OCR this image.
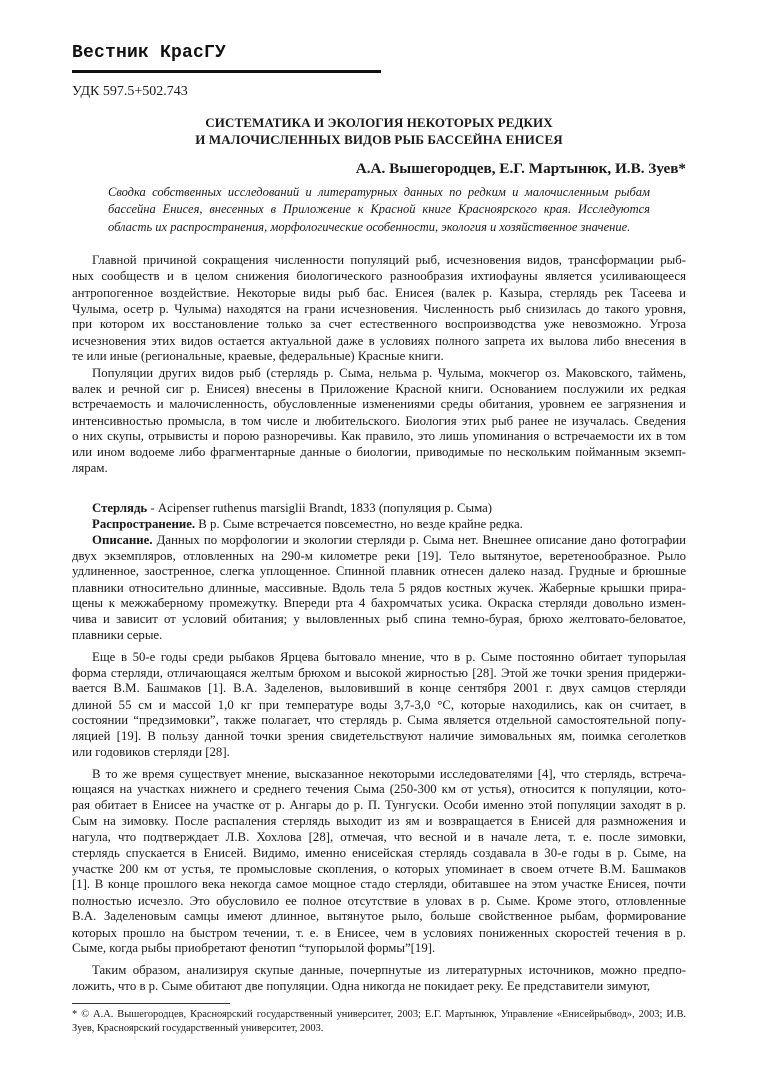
Вестник КрасГУ
УДК 597.5+502.743
СИСТЕМАТИКА И ЭКОЛОГИЯ НЕКОТОРЫХ РЕДКИХ
И МАЛОЧИСЛЕННЫХ ВИДОВ РЫБ БАССЕЙНА ЕНИСЕЯ
А.А. Вышегородцев, Е.Г. Мартынюк, И.В. Зуев*
Сводка собственных исследований и литературных данных по редким и малочисленным рыбам бассейна Енисея, внесенных в Приложение к Красной книге Красноярского края. Исследуются область их распространения, морфологические особенности, экология и хозяйственное значение.
Главной причиной сокращения численности популяций рыб, исчезновения видов, трансформации рыб-
ных сообществ и в целом снижения биологического разнообразия ихтиофауны является усиливающееся
антропогенное воздействие. Некоторые виды рыб бас. Енисея (валек р. Казыра, стерлядь рек Тасеева и
Чулыма, осетр р. Чулыма) находятся на грани исчезновения. Численность рыб снизилась до такого уровня,
при котором их восстановление только за счет естественного воспроизводства уже невозможно. Угроза
исчезновения этих видов остается актуальной даже в условиях полного запрета их вылова либо внесения в
те или иные (региональные, краевые, федеральные) Красные книги.
Популяции других видов рыб (стерлядь р. Сыма, нельма р. Чулыма, мокчегор оз. Маковского, таймень,
валек и речной сиг р. Енисея) внесены в Приложение Красной книги. Основанием послужили их редкая
встречаемость и малочисленность, обусловленные изменениями среды обитания, уровнем ее загрязнения и
интенсивностью промысла, в том числе и любительского. Биология этих рыб ранее не изучалась. Сведения
о них скупы, отрывисты и порою разноречивы. Как правило, это лишь упоминания о встречаемости их в том
или ином водоеме либо фрагментарные данные о биологии, приводимые по нескольким пойманным экземп-
лярам.
Стерлядь - Acipenser ruthenus marsiglii Brandt, 1833 (популяция р. Сыма)
Распространение. В р. Сыме встречается повсеместно, но везде крайне редка.
Описание. Данных по морфологии и экологии стерляди р. Сыма нет. Внешнее описание дано фотографии
двух экземпляров, отловленных на 290-м километре реки [19]. Тело вытянутое, веретенообразное. Рыло
удлиненное, заостренное, слегка уплощенное. Спинной плавник отнесен далеко назад. Грудные и брюшные
плавники относительно длинные, массивные. Вдоль тела 5 рядов костных жучек. Жаберные крышки прира-
щены к межжаберному промежутку. Впереди рта 4 бахромчатых усика. Окраска стерляди довольно измен-
чива и зависит от условий обитания; у выловленных рыб спина темно-бурая, брюхо желтовато-беловатое,
плавники серые.
Еще в 50-е годы среди рыбаков Ярцева бытовало мнение, что в р. Сыме постоянно обитает тупорылая
форма стерляди, отличающаяся желтым брюхом и высокой жирностью [28]. Этой же точки зрения придержи-
вается В.М. Башмаков [1]. В.А. Заделенов, выловивший в конце сентября 2001 г. двух самцов стерляди
длиной 55 см и массой 1,0 кг при температуре воды 3,7-3,0 °С, которые находились, как он считает, в
состоянии “предзимовки”, также полагает, что стерлядь р. Сыма является отдельной самостоятельной попу-
ляцией [19]. В пользу данной точки зрения свидетельствуют наличие зимовальных ям, поимка сеголетков
или годовиков стерляди [28].
В то же время существует мнение, высказанное некоторыми исследователями [4], что стерлядь, встреча-
ющаяся на участках нижнего и среднего течения Сыма (250-300 км от устья), относится к популяции, кото-
рая обитает в Енисее на участке от р. Ангары до р. П. Тунгуски. Особи именно этой популяции заходят в р.
Сым на зимовку. После распаления стерлядь выходит из ям и возвращается в Енисей для размножения и
нагула, что подтверждает Л.В. Хохлова [28], отмечая, что весной и в начале лета, т. е. после зимовки,
стерлядь спускается в Енисей. Видимо, именно енисейская стерлядь создавала в 30-е годы в р. Сыме, на
участке 200 км от устья, те промысловые скопления, о которых упоминает в своем отчете В.М. Башмаков
[1]. В конце прошлого века некогда самое мощное стадо стерляди, обитавшее на этом участке Енисея, почти
полностью исчезло. Это обусловило ее полное отсутствие в уловах в р. Сыме. Кроме этого, отловленные
В.А. Заделеновым самцы имеют длинное, вытянутое рыло, больше свойственное рыбам, формирование
которых прошло на быстром течении, т. е. в Енисее, чем в условиях пониженных скоростей течения в р.
Сыме, когда рыбы приобретают фенотип “тупорылой формы”[19].
Таким образом, анализируя скупые данные, почерпнутые из литературных источников, можно предпо-
ложить, что в р. Сыме обитают две популяции. Одна никогда не покидает реку. Ее представители зимуют,
* © А.А. Вышегородцев, Красноярский государственный университет, 2003; Е.Г. Мартынюк, Управление «Енисейрыбвод», 2003; И.В. Зуев, Красноярский государственный университет, 2003.
